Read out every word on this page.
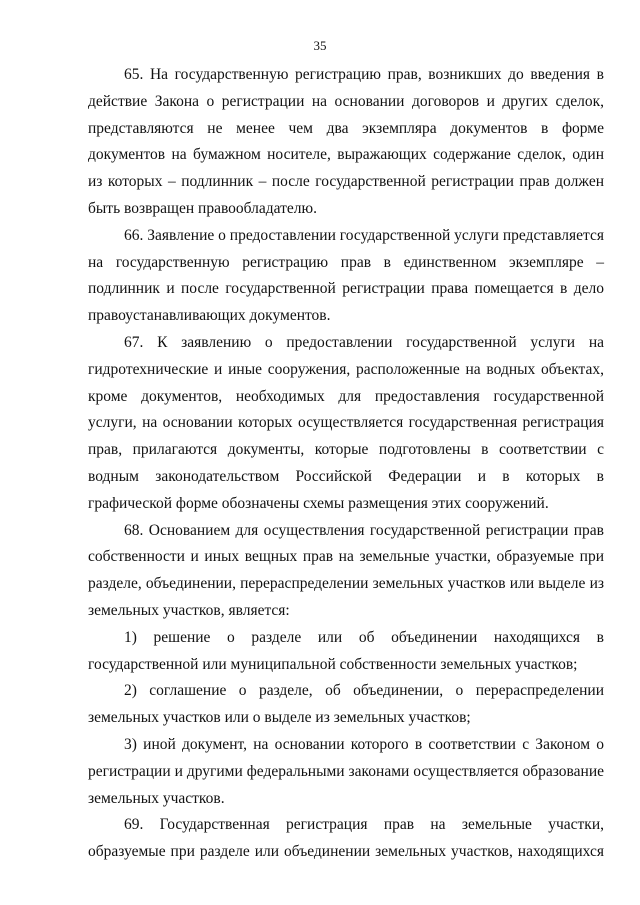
35

65. На государственную регистрацию прав, возникших до введения в действие Закона о регистрации на основании договоров и других сделок, представляются не менее чем два экземпляра документов в форме документов на бумажном носителе, выражающих содержание сделок, один из которых – подлинник – после государственной регистрации прав должен быть возвращен правообладателю.

66. Заявление о предоставлении государственной услуги представляется на государственную регистрацию прав в единственном экземпляре – подлинник и после государственной регистрации права помещается в дело правоустанавливающих документов.

67. К заявлению о предоставлении государственной услуги на гидротехнические и иные сооружения, расположенные на водных объектах, кроме документов, необходимых для предоставления государственной услуги, на основании которых осуществляется государственная регистрация прав, прилагаются документы, которые подготовлены в соответствии с водным законодательством Российской Федерации и в которых в графической форме обозначены схемы размещения этих сооружений.

68. Основанием для осуществления государственной регистрации прав собственности и иных вещных прав на земельные участки, образуемые при разделе, объединении, перераспределении земельных участков или выделе из земельных участков, является:

1) решение о разделе или об объединении находящихся в государственной или муниципальной собственности земельных участков;

2) соглашение о разделе, об объединении, о перераспределении земельных участков или о выделе из земельных участков;

3) иной документ, на основании которого в соответствии с Законом о регистрации и другими федеральными законами осуществляется образование земельных участков.

69. Государственная регистрация прав на земельные участки, образуемые при разделе или объединении земельных участков, находящихся
